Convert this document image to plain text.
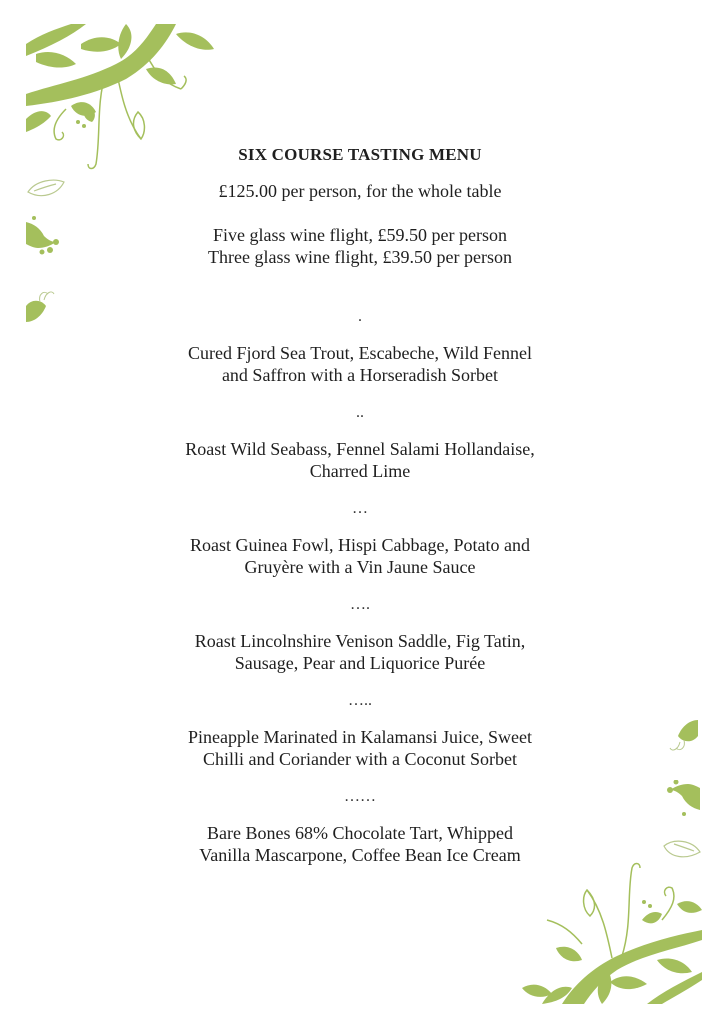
SIX COURSE TASTING MENU
£125.00 per person, for the whole table
Five glass wine flight, £59.50 per person
Three glass wine flight, £39.50 per person
.
Cured Fjord Sea Trout, Escabeche, Wild Fennel
and Saffron with a Horseradish Sorbet
..
Roast Wild Seabass, Fennel Salami Hollandaise,
Charred Lime
…
Roast Guinea Fowl, Hispi Cabbage, Potato and
Gruyère with a Vin Jaune Sauce
….
Roast Lincolnshire Venison Saddle, Fig Tatin,
Sausage, Pear and Liquorice Purée
…..
Pineapple Marinated in Kalamansi Juice, Sweet
Chilli and Coriander with a Coconut Sorbet
……
Bare Bones 68% Chocolate Tart, Whipped
Vanilla Mascarpone, Coffee Bean Ice Cream
